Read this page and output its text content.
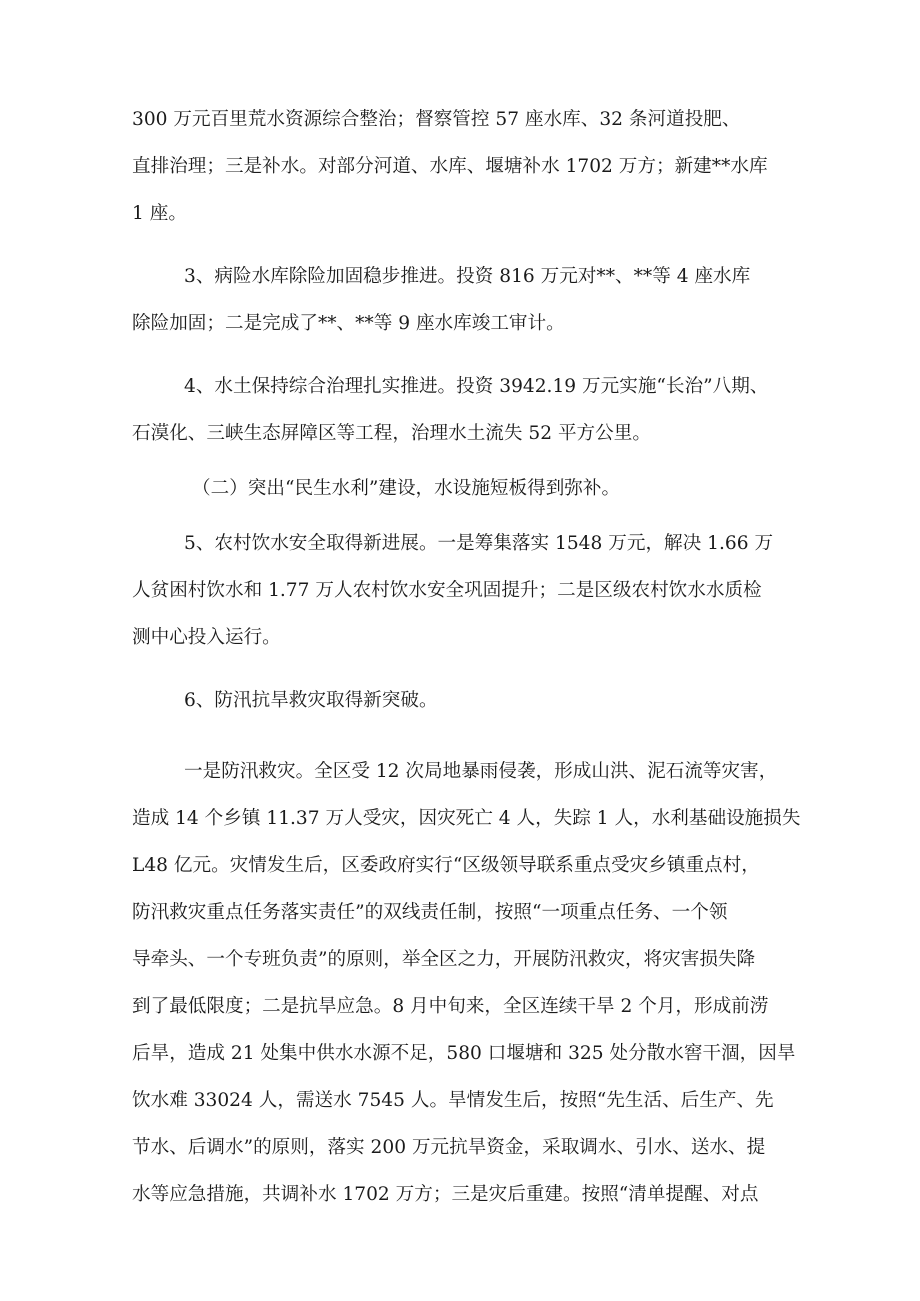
300 万元百里荒水资源综合整治；督察管控 57 座水库、32 条河道投肥、
直排治理；三是补水。对部分河道、水库、堰塘补水 1702 万方；新建**水库
1 座。
3、病险水库除险加固稳步推进。投资 816 万元对**、**等 4 座水库
除险加固；二是完成了**、**等 9 座水库竣工审计。
4、水土保持综合治理扎实推进。投资 3942.19 万元实施“长治”八期、
石漠化、三峡生态屏障区等工程，治理水土流失 52 平方公里。
（二）突出“民生水利”建设，水设施短板得到弥补。
5、农村饮水安全取得新进展。一是筹集落实 1548 万元，解决 1.66 万
人贫困村饮水和 1.77 万人农村饮水安全巩固提升；二是区级农村饮水水质检
测中心投入运行。
6、防汛抗旱救灾取得新突破。
一是防汛救灾。全区受 12 次局地暴雨侵袭，形成山洪、泥石流等灾害，
造成 14 个乡镇 11.37 万人受灾，因灾死亡 4 人，失踪 1 人，水利基础设施损失
L48 亿元。灾情发生后，区委政府实行“区级领导联系重点受灾乡镇重点村，
防汛救灾重点任务落实责任”的双线责任制，按照“一项重点任务、一个领
导牵头、一个专班负责”的原则，举全区之力，开展防汛救灾，将灾害损失降
到了最低限度；二是抗旱应急。8 月中旬来，全区连续干旱 2 个月，形成前涝
后旱，造成 21 处集中供水水源不足，580 口堰塘和 325 处分散水窖干涸，因旱
饮水难 33024 人，需送水 7545 人。旱情发生后，按照“先生活、后生产、先
节水、后调水”的原则，落实 200 万元抗旱资金，采取调水、引水、送水、提
水等应急措施，共调补水 1702 万方；三是灾后重建。按照“清单提醒、对点
